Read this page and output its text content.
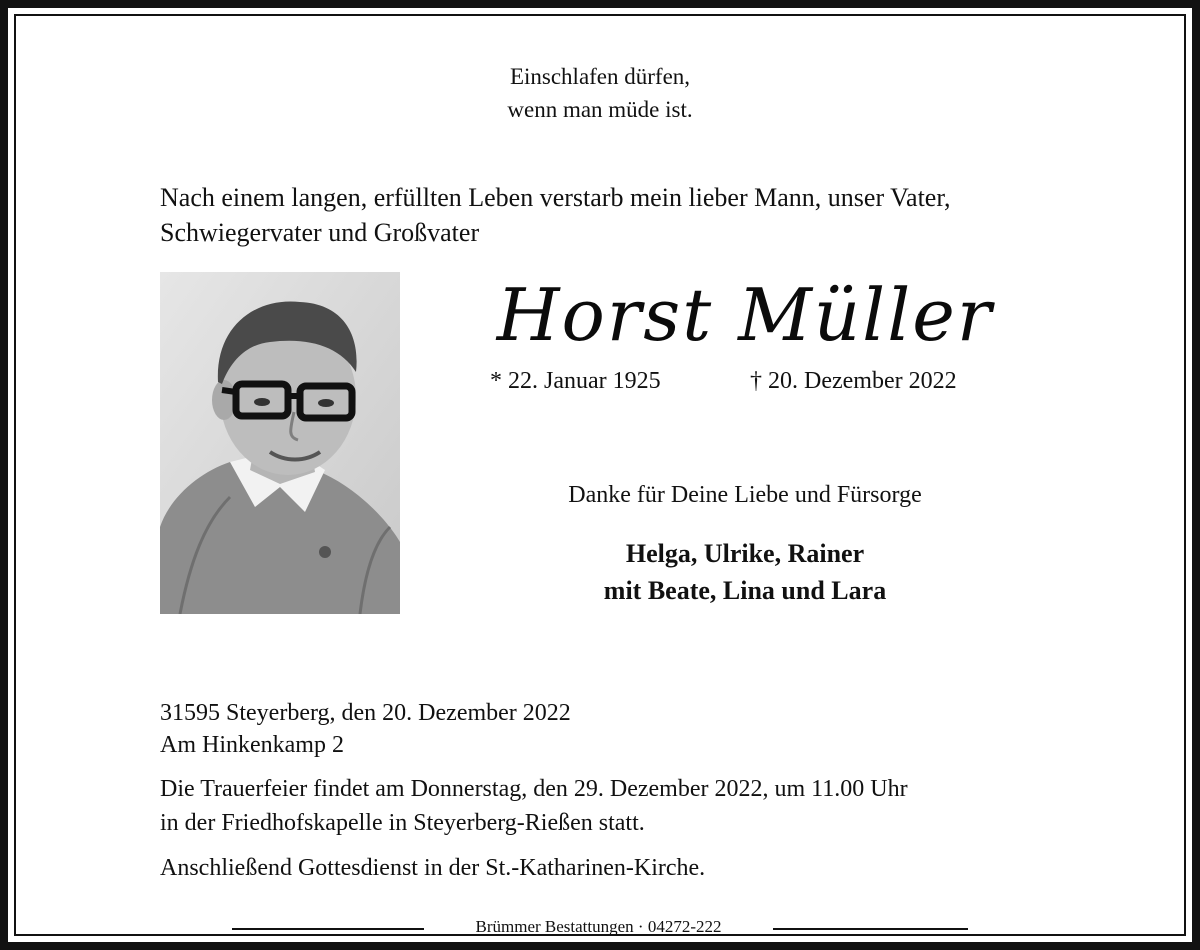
Einschlafen dürfen,
wenn man müde ist.
Nach einem langen, erfüllten Leben verstarb mein lieber Mann, unser Vater, Schwiegervater und Großvater
Horst Müller
* 22. Januar 1925	† 20. Dezember 2022
Danke für Deine Liebe und Fürsorge
Helga, Ulrike, Rainer
mit Beate, Lina und Lara
31595 Steyerberg, den 20. Dezember 2022
Am Hinkenkamp 2
Die Trauerfeier findet am Donnerstag, den 29. Dezember 2022, um 11.00 Uhr
in der Friedhofskapelle in Steyerberg-Rießen statt.
Anschließend Gottesdienst in der St.-Katharinen-Kirche.
Brümmer Bestattungen · 04272-222
